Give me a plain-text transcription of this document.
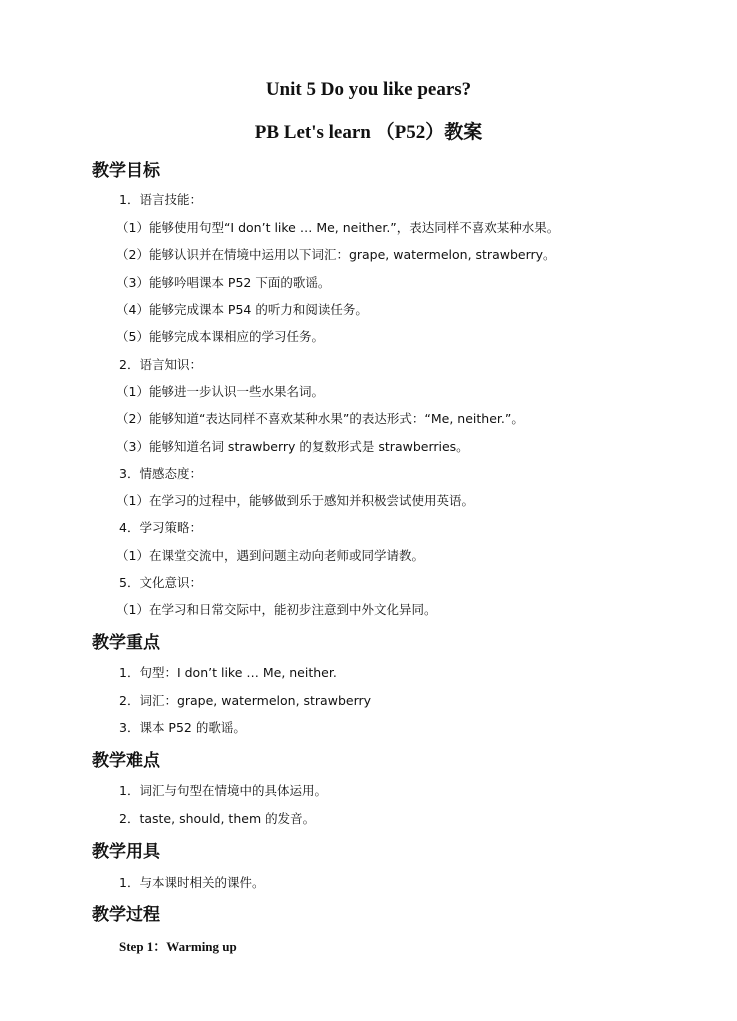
Unit 5 Do you like pears?
PB Let's learn （P52）教案
教学目标
1．语言技能：
（1）能够使用句型“I don’t like … Me, neither.”，表达同样不喜欢某种水果。
（2）能够认识并在情境中运用以下词汇：grape, watermelon, strawberry。
（3）能够吟唱课本 P52 下面的歌谣。
（4）能够完成课本 P54 的听力和阅读任务。
（5）能够完成本课相应的学习任务。
2．语言知识：
（1）能够进一步认识一些水果名词。
（2）能够知道“表达同样不喜欢某种水果”的表达形式：“Me, neither.”。
（3）能够知道名词 strawberry 的复数形式是 strawberries。
3．情感态度：
（1）在学习的过程中，能够做到乐于感知并积极尝试使用英语。
4．学习策略：
（1）在课堂交流中，遇到问题主动向老师或同学请教。
5．文化意识：
（1）在学习和日常交际中，能初步注意到中外文化异同。
教学重点
1．句型：I don’t like … Me, neither.
2．词汇：grape, watermelon, strawberry
3．课本 P52 的歌谣。
教学难点
1．词汇与句型在情境中的具体运用。
2．taste, should, them 的发音。
教学用具
1．与本课时相关的课件。
教学过程
Step 1：Warming up
